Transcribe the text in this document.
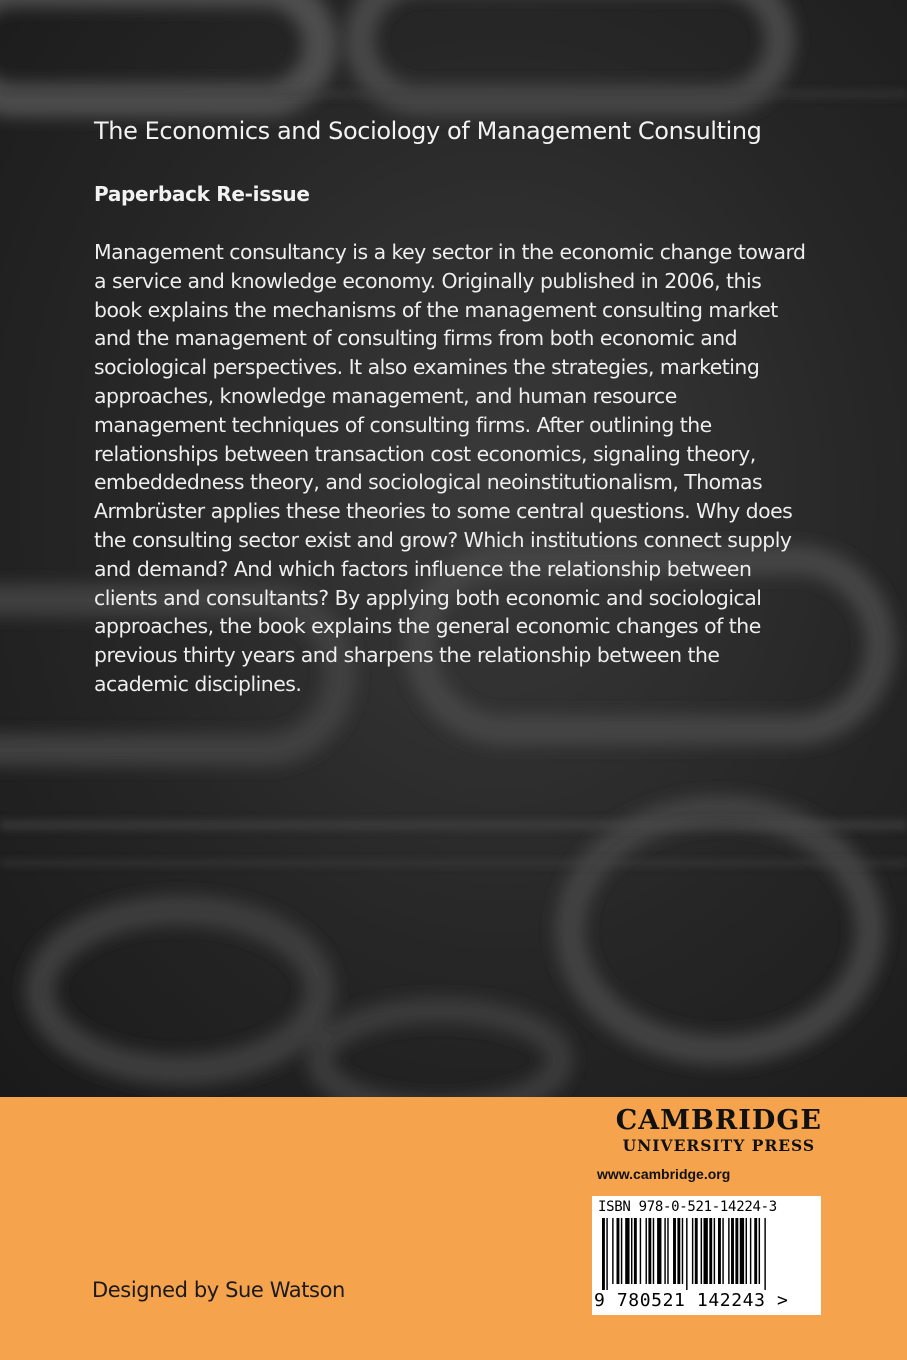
The Economics and Sociology of Management Consulting
Paperback Re-issue

Management consultancy is a key sector in the economic change toward
a service and knowledge economy. Originally published in 2006, this
book explains the mechanisms of the management consulting market
and the management of consulting firms from both economic and
sociological perspectives. It also examines the strategies, marketing
approaches, knowledge management, and human resource
management techniques of consulting firms. After outlining the
relationships between transaction cost economics, signaling theory,
embeddedness theory, and sociological neoinstitutionalism, Thomas
Armbrüster applies these theories to some central questions. Why does
the consulting sector exist and grow? Which institutions connect supply
and demand? And which factors influence the relationship between
clients and consultants? By applying both economic and sociological
approaches, the book explains the general economic changes of the
previous thirty years and sharpens the relationship between the
academic disciplines.

CAMBRIDGE
UNIVERSITY PRESS
www.cambridge.org
ISBN 978-0-521-14224-3
9 780521 142243 >

Designed by Sue Watson
